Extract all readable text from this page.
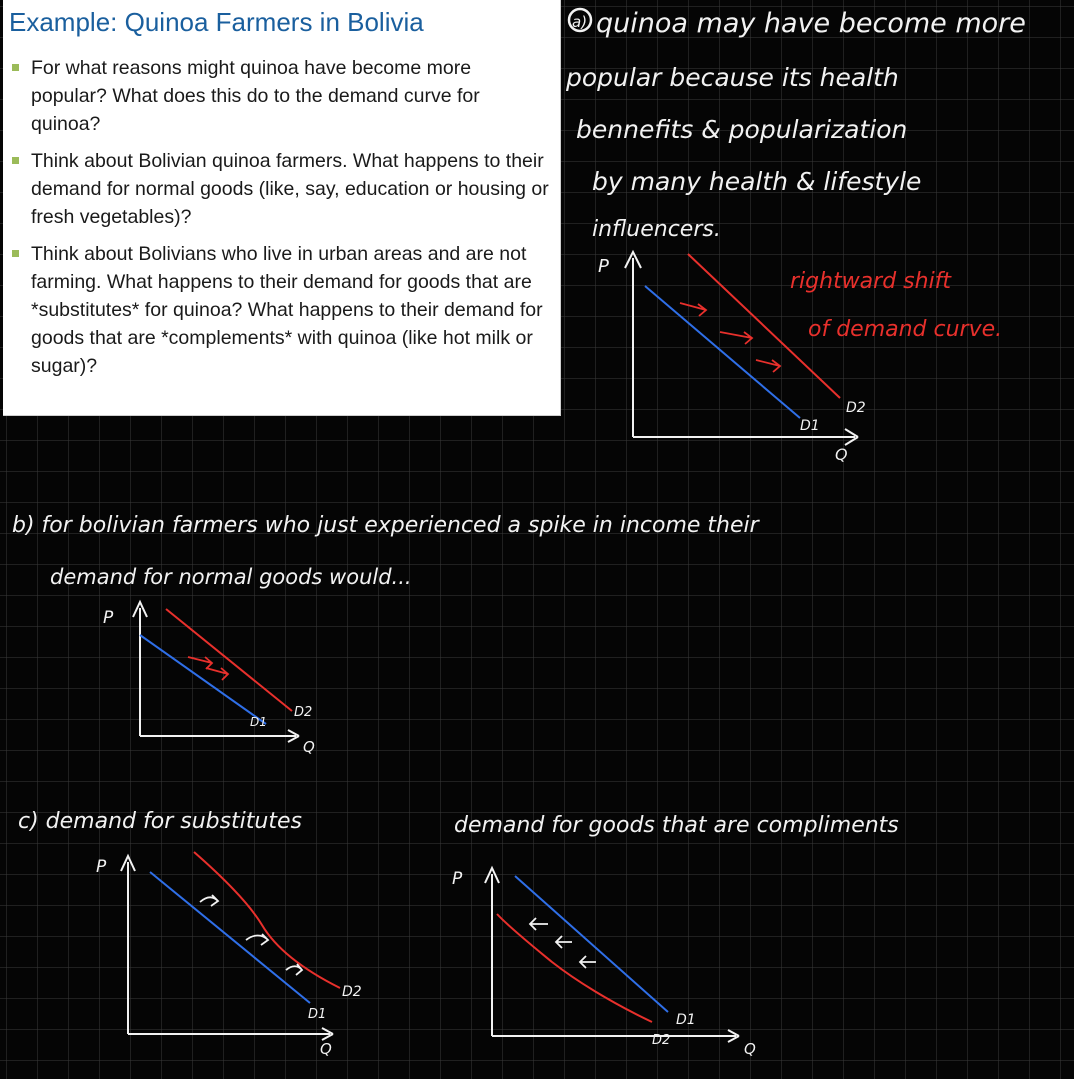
a) quinoa may have become more
popular because its health
bennefits & popularization
by many health & lifestyle
influencers.
rightward shift
of demand curve.
P
Q
D1
D2
b) for bolivian farmers who just experienced a spike in income their
demand for normal goods would...
P
Q
D1
D2
c) demand for substitutes
P
Q
D1
D2
demand for goods that are compliments
P
Q
D1
D2
Example: Quinoa Farmers in Bolivia
For what reasons might quinoa have become more popular? What does this do to the demand curve for quinoa?
Think about Bolivian quinoa farmers. What happens to their demand for normal goods (like, say, education or housing or fresh vegetables)?
Think about Bolivians who live in urban areas and are not farming. What happens to their demand for goods that are *substitutes* for quinoa? What happens to their demand for goods that are *complements* with quinoa (like hot milk or sugar)?
